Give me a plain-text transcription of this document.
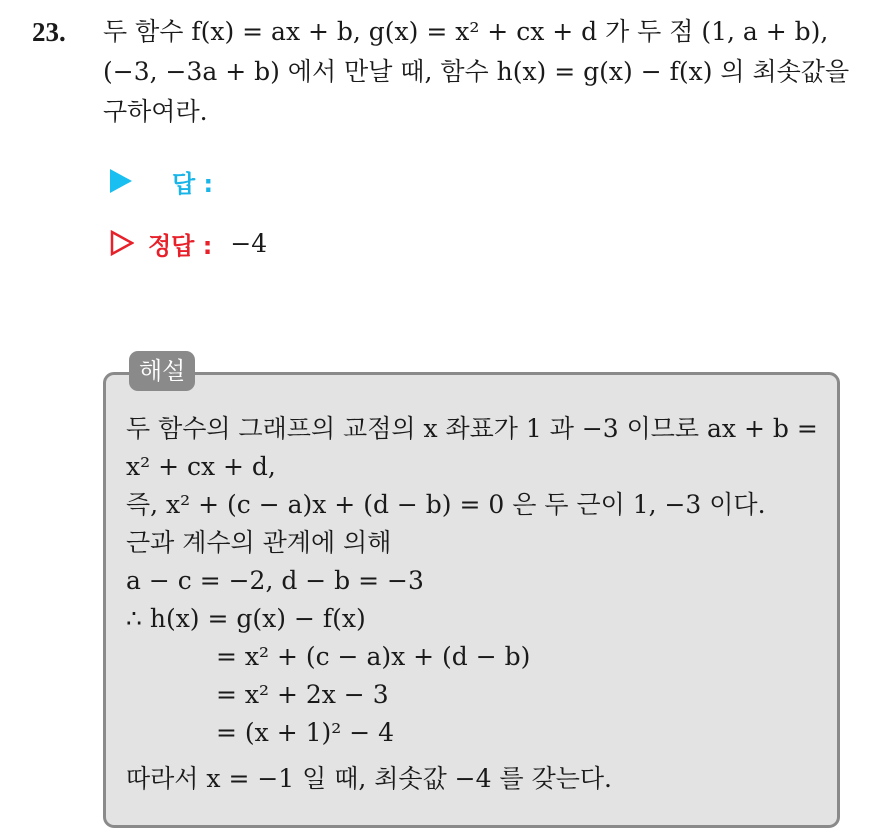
23. 두 함수 f(x) = ax + b, g(x) = x² + cx + d 가 두 점 (1, a + b),
(−3, −3a + b) 에서 만날 때, 함수 h(x) = g(x) − f(x) 의 최솟값을
구하여라.
답 :
정답 : −4
해설
두 함수의 그래프의 교점의 x 좌표가 1 과 −3 이므로 ax + b =
x² + cx + d,
즉, x² + (c − a)x + (d − b) = 0 은 두 근이 1, −3 이다.
근과 계수의 관계에 의해
a − c = −2, d − b = −3
∴ h(x) = g(x) − f(x)
= x² + (c − a)x + (d − b)
= x² + 2x − 3
= (x + 1)² − 4
따라서 x = −1 일 때, 최솟값 −4 를 갖는다.
